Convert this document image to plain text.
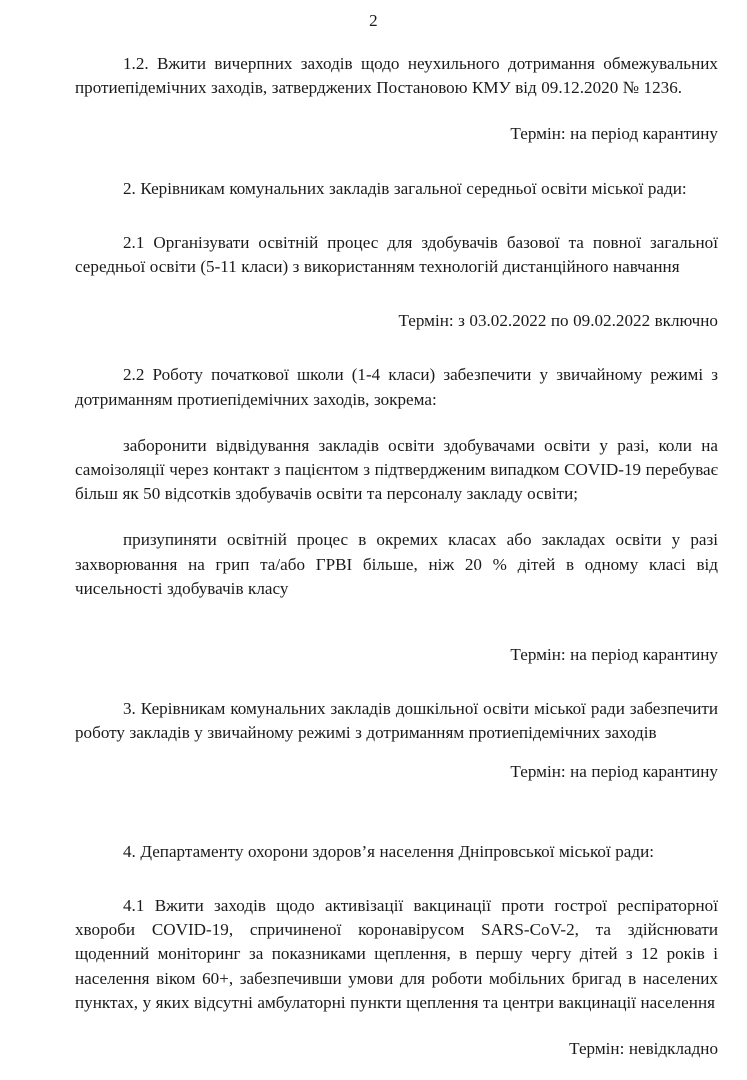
2

1.2. Вжити вичерпних заходів щодо неухильного дотримання обмежувальних протиепідемічних заходів, затверджених Постановою КМУ від 09.12.2020 № 1236.

Термін: на період карантину

2. Керівникам комунальних закладів загальної середньої освіти міської ради:

2.1 Організувати освітній процес для здобувачів базової та повної загальної середньої освіти (5-11 класи) з використанням технологій дистанційного навчання

Термін: з 03.02.2022 по 09.02.2022 включно

2.2 Роботу початкової школи (1-4 класи) забезпечити у звичайному режимі з дотриманням протиепідемічних заходів, зокрема:

заборонити відвідування закладів освіти здобувачами освіти у разі, коли на самоізоляції через контакт з пацієнтом з підтвердженим випадком COVID-19 перебуває більш як 50 відсотків здобувачів освіти та персоналу закладу освіти;

призупиняти освітній процес в окремих класах або закладах освіти у разі захворювання на грип та/або ГРВІ більше, ніж 20 % дітей в одному класі від чисельності здобувачів класу

Термін: на період карантину

3. Керівникам комунальних закладів дошкільної освіти міської ради забезпечити роботу закладів у звичайному режимі з дотриманням протиепідемічних заходів

Термін: на період карантину

4. Департаменту охорони здоров’я населення Дніпровської міської ради:

4.1 Вжити заходів щодо активізації вакцинації проти гострої респіраторної хвороби COVID-19, спричиненої коронавірусом SARS-CoV-2, та здійснювати щоденний моніторинг за показниками щеплення, в першу чергу дітей з 12 років і населення віком 60+, забезпечивши умови для роботи мобільних бригад в населених пунктах, у яких відсутні амбулаторні пункти щеплення та центри вакцинації населення

Термін: невідкладно
